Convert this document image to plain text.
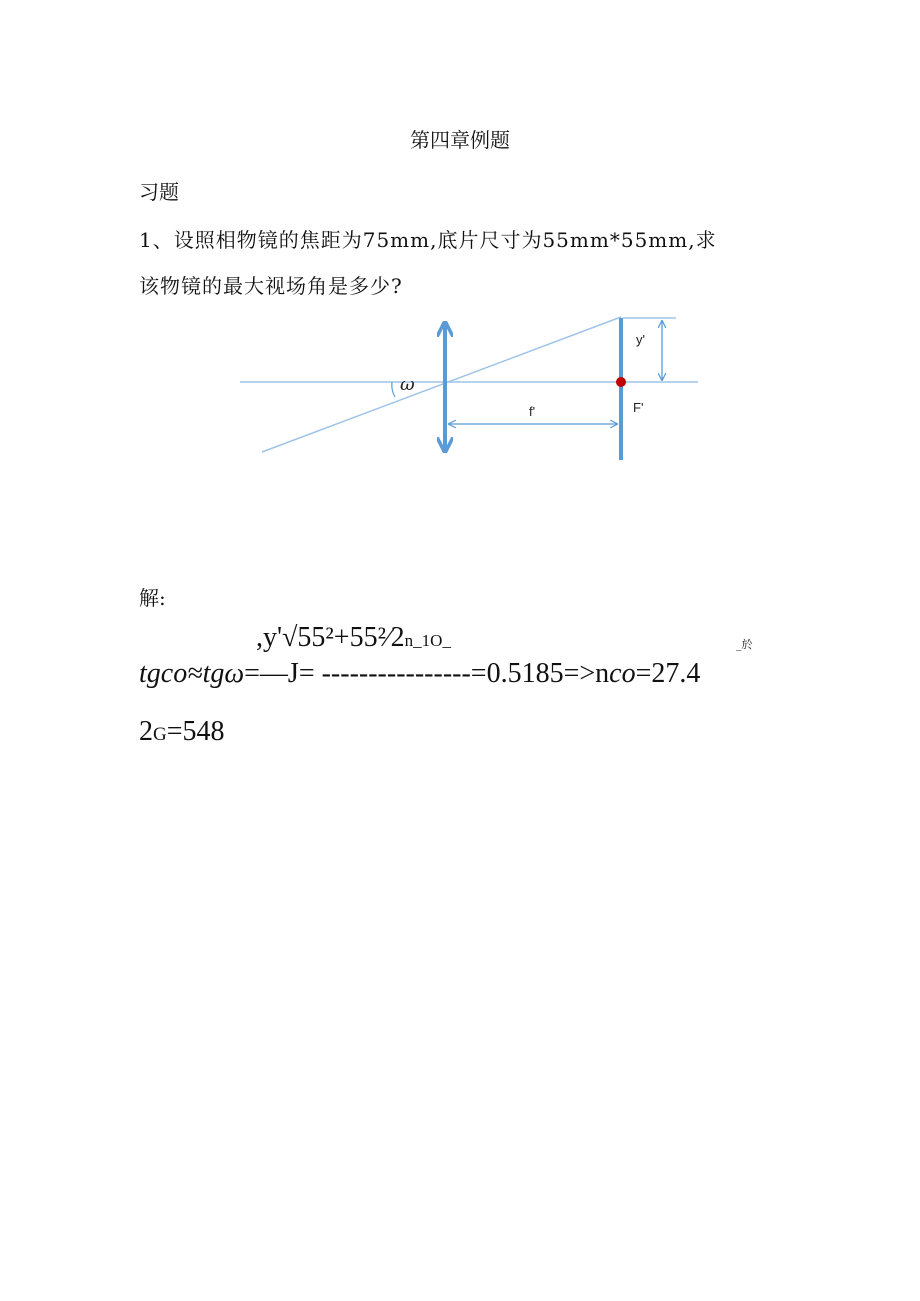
第四章例题
习题
1、设照相物镜的焦距为75mm,底片尺寸为55mm*55mm,求
该物镜的最大视场角是多少?
ω
f'
y'
F'
解:
,y'√55²+55²⁄2n_1O_	_於
tgco≈tgω=—J= ----------------=0.5185=>nco=27.4
2G=548
